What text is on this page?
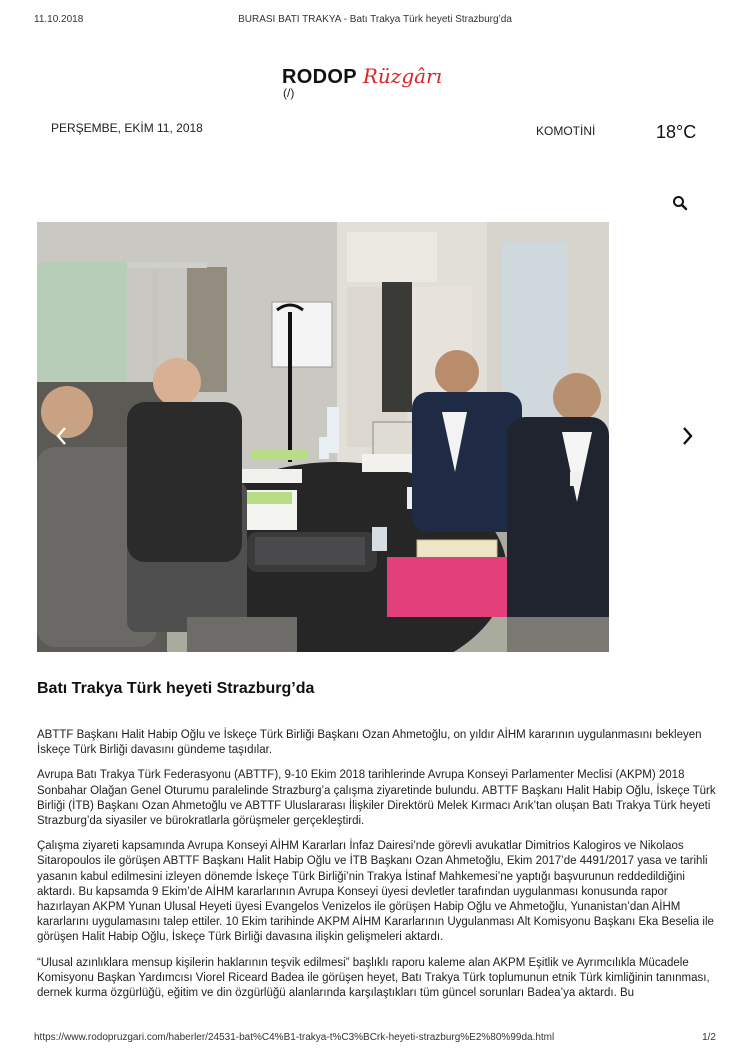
11.10.2018	BURASI BATI TRAKYA - Batı Trakya Türk heyeti Strazburg’da
RODOP Rüzgârı
(/)
PERŞEMBE, EKİM 11, 2018	KOMOTİNİ	18°C
Batı Trakya Türk heyeti Strazburg’da

ABTTF Başkanı Halit Habip Oğlu ve İskeçe Türk Birliği Başkanı Ozan Ahmetoğlu, on yıldır AİHM kararının uygulanmasını bekleyen İskeçe Türk Birliği davasını gündeme taşıdılar.

Avrupa Batı Trakya Türk Federasyonu (ABTTF), 9-10 Ekim 2018 tarihlerinde Avrupa Konseyi Parlamenter Meclisi (AKPM) 2018 Sonbahar Olağan Genel Oturumu paralelinde Strazburg’a çalışma ziyaretinde bulundu. ABTTF Başkanı Halit Habip Oğlu, İskeçe Türk Birliği (İTB) Başkanı Ozan Ahmetoğlu ve ABTTF Uluslararası İlişkiler Direktörü Melek Kırmacı Arık’tan oluşan Batı Trakya Türk heyeti Strazburg’da siyasiler ve bürokratlarla görüşmeler gerçekleştirdi.

Çalışma ziyareti kapsamında Avrupa Konseyi AİHM Kararları İnfaz Dairesi’nde görevli avukatlar Dimitrios Kalogiros ve Nikolaos Sitaropoulos ile görüşen ABTTF Başkanı Halit Habip Oğlu ve İTB Başkanı Ozan Ahmetoğlu, Ekim 2017’de 4491/2017 yasa ve tarihli yasanın kabul edilmesini izleyen dönemde İskeçe Türk Birliği’nin Trakya İstinaf Mahkemesi’ne yaptığı başvurunun reddedildiğini aktardı. Bu kapsamda 9 Ekim’de AİHM kararlarının Avrupa Konseyi üyesi devletler tarafından uygulanması konusunda rapor hazırlayan AKPM Yunan Ulusal Heyeti üyesi Evangelos Venizelos ile görüşen Habip Oğlu ve Ahmetoğlu, Yunanistan’dan AİHM kararlarını uygulamasını talep ettiler. 10 Ekim tarihinde AKPM AİHM Kararlarının Uygulanması Alt Komisyonu Başkanı Eka Beselia ile görüşen Halit Habip Oğlu, İskeçe Türk Birliği davasına ilişkin gelişmeleri aktardı.

“Ulusal azınlıklara mensup kişilerin haklarının teşvik edilmesi” başlıklı raporu kaleme alan AKPM Eşitlik ve Ayrımcılıkla Mücadele Komisyonu Başkan Yardımcısı Viorel Riceard Badea ile görüşen heyet, Batı Trakya Türk toplumunun etnik Türk kimliğinin tanınması, dernek kurma özgürlüğü, eğitim ve din özgürlüğü alanlarında karşılaştıkları tüm güncel sorunları Badea’ya aktardı. Bu

https://www.rodopruzgari.com/haberler/24531-bat%C4%B1-trakya-t%C3%BCrk-heyeti-strazburg%E2%80%99da.html	1/2
